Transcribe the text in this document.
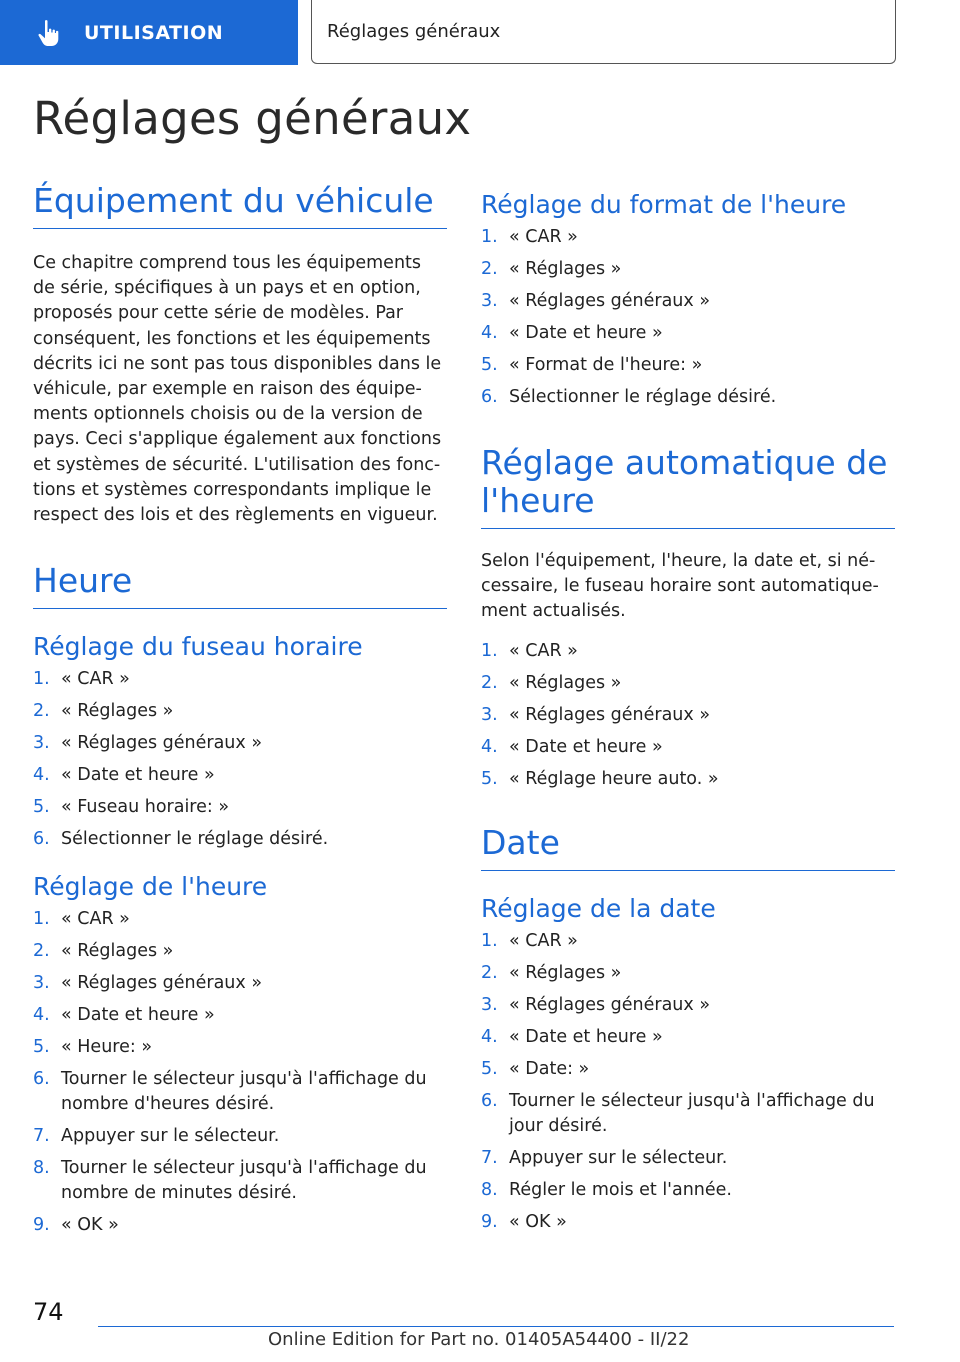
UTILISATION	Réglages généraux
Réglages généraux
Équipement du véhicule

Ce chapitre comprend tous les équipements de série, spécifiques à un pays et en option, proposés pour cette série de modèles. Par conséquent, les fonctions et les équipements décrits ici ne sont pas tous disponibles dans le véhicule, par exemple en raison des équipe‐ments optionnels choisis ou de la version de pays. Ceci s'applique également aux fonctions et systèmes de sécurité. L'utilisation des fonc‐tions et systèmes correspondants implique le respect des lois et des règlements en vigueur.

Heure
Réglage du fuseau horaire
1. « CAR »
2. « Réglages »
3. « Réglages généraux »
4. « Date et heure »
5. « Fuseau horaire: »
6. Sélectionner le réglage désiré.
Réglage de l'heure
1. « CAR »
2. « Réglages »
3. « Réglages généraux »
4. « Date et heure »
5. « Heure: »
6. Tourner le sélecteur jusqu'à l'affichage du nombre d'heures désiré.
7. Appuyer sur le sélecteur.
8. Tourner le sélecteur jusqu'à l'affichage du nombre de minutes désiré.
9. « OK »
Réglage du format de l'heure
1. « CAR »
2. « Réglages »
3. « Réglages généraux »
4. « Date et heure »
5. « Format de l'heure: »
6. Sélectionner le réglage désiré.
Réglage automatique de l'heure

Selon l'équipement, l'heure, la date et, si né‐cessaire, le fuseau horaire sont automatique‐ment actualisés.

1. « CAR »
2. « Réglages »
3. « Réglages généraux »
4. « Date et heure »
5. « Réglage heure auto. »
Date
Réglage de la date
1. « CAR »
2. « Réglages »
3. « Réglages généraux »
4. « Date et heure »
5. « Date: »
6. Tourner le sélecteur jusqu'à l'affichage du jour désiré.
7. Appuyer sur le sélecteur.
8. Régler le mois et l'année.
9. « OK »
74
Online Edition for Part no. 01405A54400 - II/22
